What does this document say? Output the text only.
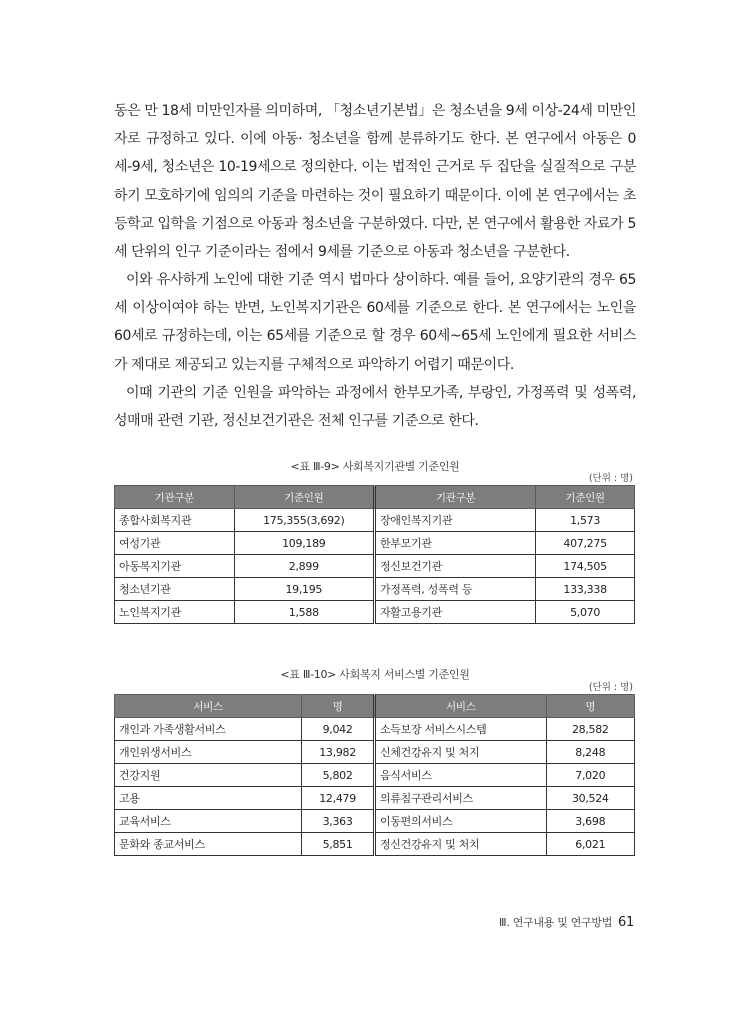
동은 만 18세 미만인자를 의미하며, 「청소년기본법」은 청소년을 9세 이상-24세 미만인자로 규정하고 있다. 이에 아동· 청소년을 함께 분류하기도 한다. 본 연구에서 아동은 0세-9세, 청소년은 10-19세으로 정의한다. 이는 법적인 근거로 두 집단을 실질적으로 구분하기 모호하기에 임의의 기준을 마련하는 것이 필요하기 때문이다. 이에 본 연구에서는 초등학교 입학을 기점으로 아동과 청소년을 구분하였다. 다만, 본 연구에서 활용한 자료가 5세 단위의 인구 기준이라는 점에서 9세를 기준으로 아동과 청소년을 구분한다.

이와 유사하게 노인에 대한 기준 역시 법마다 상이하다. 예를 들어, 요양기관의 경우 65세 이상이여야 하는 반면, 노인복지기관은 60세를 기준으로 한다. 본 연구에서는 노인을 60세로 규정하는데, 이는 65세를 기준으로 할 경우 60세~65세 노인에게 필요한 서비스가 제대로 제공되고 있는지를 구체적으로 파악하기 어렵기 때문이다.

이때 기관의 기준 인원을 파악하는 과정에서 한부모가족, 부랑인, 가정폭력 및 성폭력, 성매매 관련 기관, 정신보건기관은 전체 인구를 기준으로 한다.

<표 Ⅲ-9> 사회복지기관별 기준인원
(단위 : 명)
기관구분	기준인원	기관구분	기준인원
종합사회복지관	175,355(3,692)	장애인복지기관	1,573
여성기관	109,189	한부모기관	407,275
아동복지기관	2,899	정신보건기관	174,505
청소년기관	19,195	가정폭력, 성폭력 등	133,338
노인복지기관	1,588	자활고용기관	5,070
<표 Ⅲ-10> 사회복지 서비스별 기준인원
(단위 : 명)
서비스	명	서비스	명
개인과 가족생활서비스	9,042	소득보장 서비스시스템	28,582
개인위생서비스	13,982	신체건강유지 및 처지	8,248
건강지원	5,802	음식서비스	7,020
고용	12,479	의류침구관리서비스	30,524
교육서비스	3,363	이동편의서비스	3,698
문화와 종교서비스	5,851	정신건강유지 및 처치	6,021
Ⅲ. 연구내용 및 연구방법 61
